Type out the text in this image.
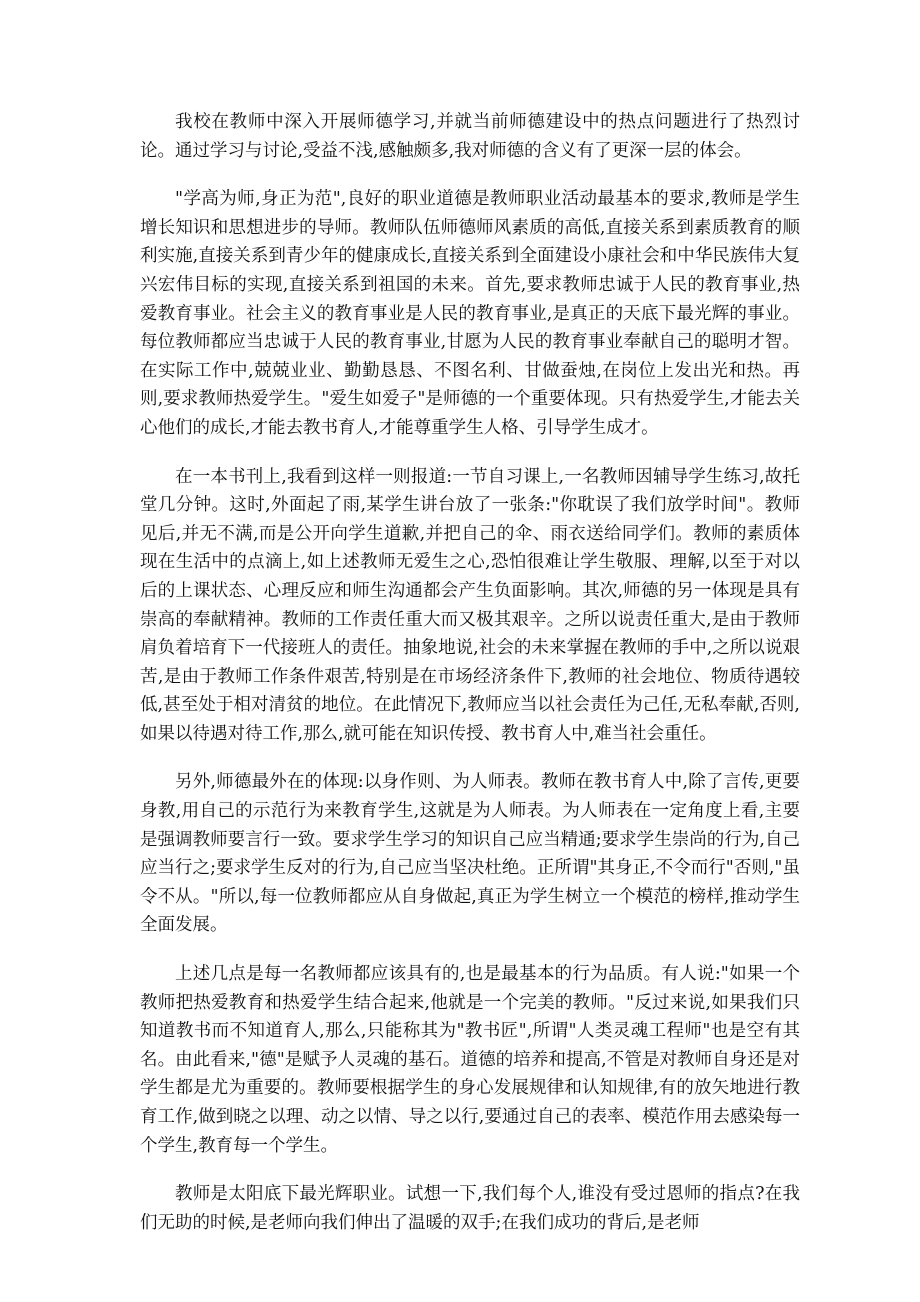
我校在教师中深入开展师德学习,并就当前师德建设中的热点问题进行了热烈讨论。通过学习与讨论,受益不浅,感触颇多,我对师德的含义有了更深一层的体会。

"学高为师,身正为范",良好的职业道德是教师职业活动最基本的要求,教师是学生增长知识和思想进步的导师。教师队伍师德师风素质的高低,直接关系到素质教育的顺利实施,直接关系到青少年的健康成长,直接关系到全面建设小康社会和中华民族伟大复兴宏伟目标的实现,直接关系到祖国的未来。首先,要求教师忠诚于人民的教育事业,热爱教育事业。社会主义的教育事业是人民的教育事业,是真正的天底下最光辉的事业。每位教师都应当忠诚于人民的教育事业,甘愿为人民的教育事业奉献自己的聪明才智。在实际工作中,兢兢业业、勤勤恳恳、不图名利、甘做蚕烛,在岗位上发出光和热。再则,要求教师热爱学生。"爱生如爱子"是师德的一个重要体现。只有热爱学生,才能去关心他们的成长,才能去教书育人,才能尊重学生人格、引导学生成才。

在一本书刊上,我看到这样一则报道:一节自习课上,一名教师因辅导学生练习,故托堂几分钟。这时,外面起了雨,某学生讲台放了一张条:"你耽误了我们放学时间"。教师见后,并无不满,而是公开向学生道歉,并把自己的伞、雨衣送给同学们。教师的素质体现在生活中的点滴上,如上述教师无爱生之心,恐怕很难让学生敬服、理解,以至于对以后的上课状态、心理反应和师生沟通都会产生负面影响。其次,师德的另一体现是具有崇高的奉献精神。教师的工作责任重大而又极其艰辛。之所以说责任重大,是由于教师肩负着培育下一代接班人的责任。抽象地说,社会的未来掌握在教师的手中,之所以说艰苦,是由于教师工作条件艰苦,特别是在市场经济条件下,教师的社会地位、物质待遇较低,甚至处于相对清贫的地位。在此情况下,教师应当以社会责任为己任,无私奉献,否则,如果以待遇对待工作,那么,就可能在知识传授、教书育人中,难当社会重任。

另外,师德最外在的体现:以身作则、为人师表。教师在教书育人中,除了言传,更要身教,用自己的示范行为来教育学生,这就是为人师表。为人师表在一定角度上看,主要是强调教师要言行一致。要求学生学习的知识自己应当精通;要求学生崇尚的行为,自己应当行之;要求学生反对的行为,自己应当坚决杜绝。正所谓"其身正,不令而行"否则,"虽令不从。"所以,每一位教师都应从自身做起,真正为学生树立一个模范的榜样,推动学生全面发展。

上述几点是每一名教师都应该具有的,也是最基本的行为品质。有人说:"如果一个教师把热爱教育和热爱学生结合起来,他就是一个完美的教师。"反过来说,如果我们只知道教书而不知道育人,那么,只能称其为"教书匠",所谓"人类灵魂工程师"也是空有其名。由此看来,"德"是赋予人灵魂的基石。道德的培养和提高,不管是对教师自身还是对学生都是尤为重要的。教师要根据学生的身心发展规律和认知规律,有的放矢地进行教育工作,做到晓之以理、动之以情、导之以行,要通过自己的表率、模范作用去感染每一个学生,教育每一个学生。

教师是太阳底下最光辉职业。试想一下,我们每个人,谁没有受过恩师的指点?在我们无助的时候,是老师向我们伸出了温暖的双手;在我们成功的背后,是老师
